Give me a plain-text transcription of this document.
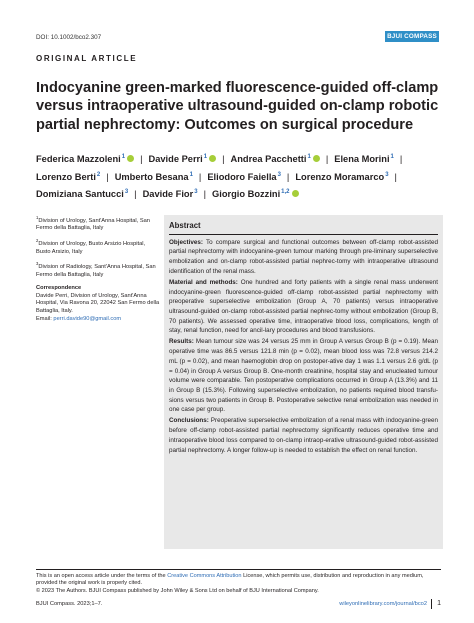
DOI: 10.1002/bco2.307	BJUI COMPASS
ORIGINAL ARTICLE
Indocyanine green-marked fluorescence-guided off-clamp versus intraoperative ultrasound-guided on-clamp robotic partial nephrectomy: Outcomes on surgical procedure
Federica Mazzoleni$^1$ | Davide Perri$^1$ | Andrea Pacchetti$^1$ | Elena Morini$^1$ |
Lorenzo Berti$^2$ | Umberto Besana$^1$ | Eliodoro Faiella$^3$ | Lorenzo Moramarco$^3$ |
Domiziana Santucci$^3$ | Davide Fior$^3$ | Giorgio Bozzini$^{1,2}$
$^1$Division of Urology, Sant'Anna Hospital, San Fermo della Battaglia, Italy
$^2$Division of Urology, Busto Arsizio Hospital, Busto Arsizio, Italy
$^3$Division of Radiology, Sant'Anna Hospital, San Fermo della Battaglia, Italy
Correspondence
Davide Perri, Division of Urology, Sant'Anna Hospital, Via Ravona 20, 22042 San Fermo della Battaglia, Italy.
Email: perri.davide90@gmail.com
Abstract

Objectives: To compare surgical and functional outcomes between off-clamp robot-assisted partial nephrectomy with indocyanine-green tumour marking through pre-liminary superselective embolization and on-clamp robot-assisted partial nephrec-tomy with intraoperative ultrasound identification of the renal mass.

Material and methods: One hundred and forty patients with a single renal mass underwent indocyanine-green fluorescence-guided off-clamp robot-assisted partial nephrectomy with preoperative superselective embolization (Group A, 70 patients) versus intraoperative ultrasound-guided on-clamp robot-assisted partial nephrec-tomy without embolization (Group B, 70 patients). We assessed operative time, intraoperative blood loss, complications, length of stay, renal function, need for ancil-lary procedures and blood transfusions.

Results: Mean tumour size was 24 versus 25 mm in Group A versus Group B (p = 0.19). Mean operative time was 86.5 versus 121.8 min (p = 0.02), mean blood loss was 72.8 versus 214.2 mL (p = 0.02), and mean haemoglobin drop on postoper-ative day 1 was 1.1 versus 2.6 g/dL (p = 0.04) in Group A versus Group B. One-month creatinine, hospital stay and enucleated tumour volume were comparable. Ten postoperative complications occurred in Group A (13.3%) and 11 in Group B (15.3%). Following superselective embolization, no patients required blood transfu-sions versus two patients in Group B. Postoperative selective renal embolization was needed in one case per group.

Conclusions: Preoperative superselective embolization of a renal mass with indocyanine-green before off-clamp robot-assisted partial nephrectomy significantly reduces operative time and intraoperative blood loss compared to on-clamp intraop-erative ultrasound-guided robot-assisted partial nephrectomy. A longer follow-up is needed to establish the effect on renal function.

This is an open access article under the terms of the Creative Commons Attribution License, which permits use, distribution and reproduction in any medium, provided the original work is properly cited.
© 2023 The Authors. BJUI Compass published by John Wiley & Sons Ltd on behalf of BJU International Company.
BJUI Compass. 2023;1–7.	wileyonlinelibrary.com/journal/bco2 1
